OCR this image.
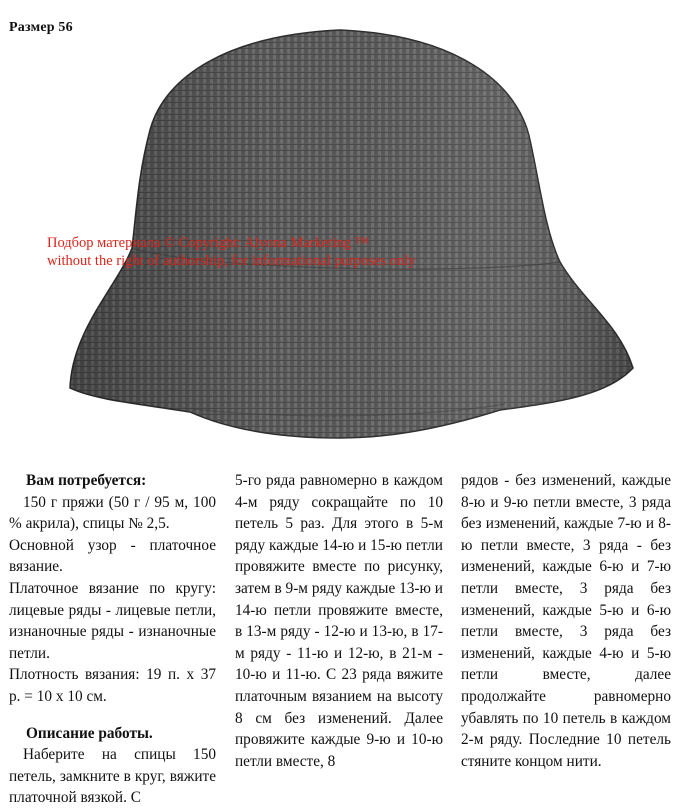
Размер 56
Подбор материала © Copyright: Alyona Marketing ™
without the right of authorship, for informational purposes only

Вам потребуется:

150 г пряжи (50 г / 95 м, 100 % акрила), спицы № 2,5.

Основной узор - платочное вязание.

Платочное вязание по кругу: лицевые ряды - лицевые петли, изнаночные ряды - изнаночные петли.

Плотность вязания: 19 п. x 37 р. = 10 x 10 см.

Описание работы.

Наберите на спицы 150 петель, замкните в круг, вяжите платочной вязкой. С

5-го ряда равномерно в каждом 4-м ряду сокращайте по 10 петель 5 раз. Для этого в 5-м ряду каждые 14-ю и 15-ю петли провяжите вместе по рисунку, затем в 9-м ряду каждые 13-ю и 14-ю петли провяжите вместе, в 13-м ряду - 12-ю и 13-ю, в 17-м ряду - 11-ю и 12-ю, в 21-м - 10-ю и 11-ю. С 23 ряда вяжите платочным вязанием на высоту 8 см без изменений. Далее провяжите каждые 9-ю и 10-ю петли вместе, 8

рядов - без изменений, каждые 8-ю и 9-ю петли вместе, 3 ряда без изменений, каждые 7-ю и 8-ю петли вместе, 3 ряда - без изменений, каждые 6-ю и 7-ю петли вместе, 3 ряда без изменений, каждые 5-ю и 6-ю петли вместе, 3 ряда без изменений, каждые 4-ю и 5-ю петли вместе, далее продолжайте равномерно убавлять по 10 петель в каждом 2-м ряду. Последние 10 петель стяните концом нити.
